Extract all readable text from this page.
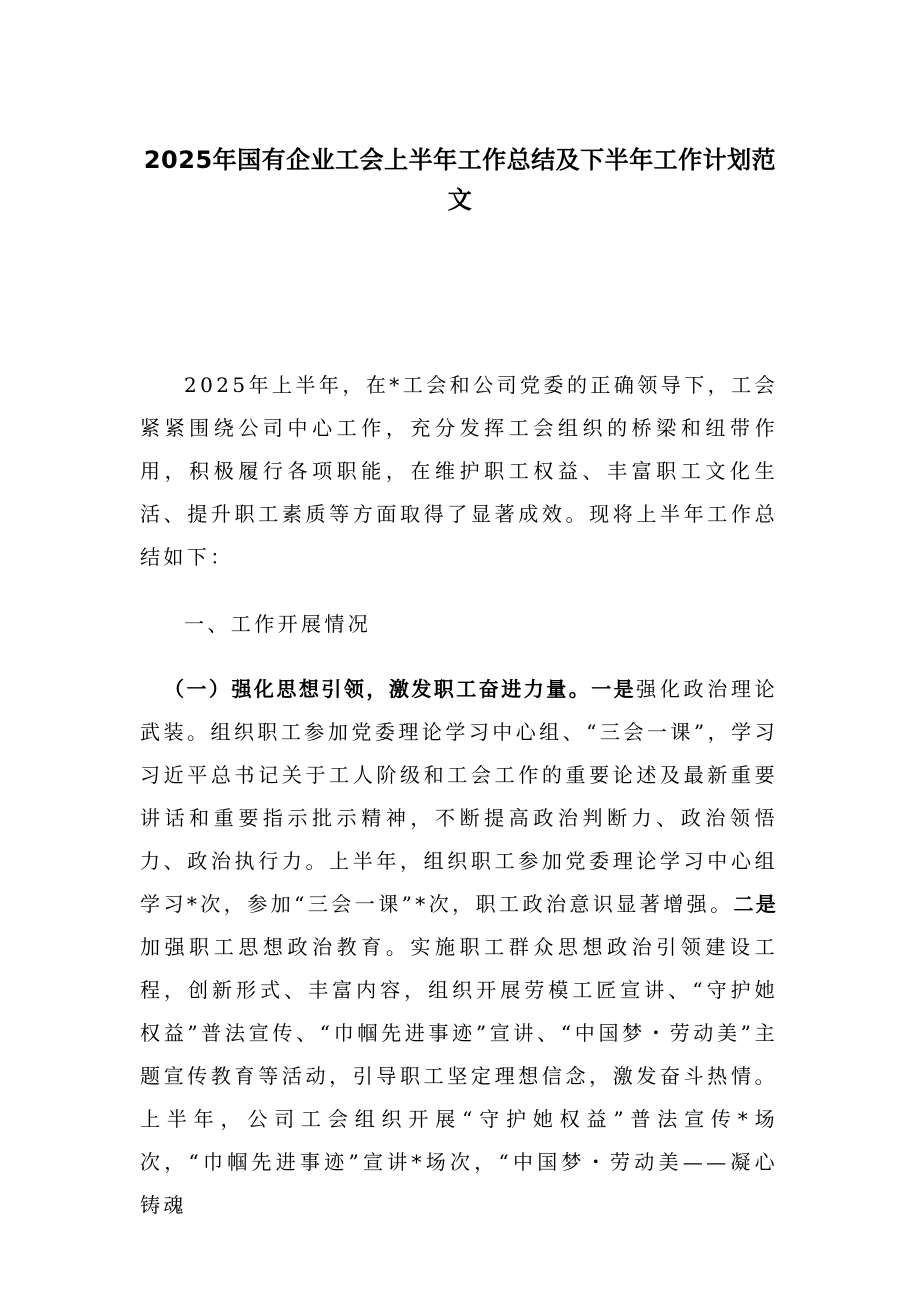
2025年国有企业工会上半年工作总结及下半年工作计划范
文

2025年上半年，在*工会和公司党委的正确领导下，工会紧紧围绕公司中心工作，充分发挥工会组织的桥梁和纽带作用，积极履行各项职能，在维护职工权益、丰富职工文化生活、提升职工素质等方面取得了显著成效。现将上半年工作总结如下：

一、工作开展情况

（一）强化思想引领，激发职工奋进力量。一是强化政治理论武装。组织职工参加党委理论学习中心组、“三会一课”，学习习近平总书记关于工人阶级和工会工作的重要论述及最新重要讲话和重要指示批示精神，不断提高政治判断力、政治领悟力、政治执行力。上半年，组织职工参加党委理论学习中心组学习*次，参加“三会一课”*次，职工政治意识显著增强。二是加强职工思想政治教育。实施职工群众思想政治引领建设工程，创新形式、丰富内容，组织开展劳模工匠宣讲、“守护她权益”普法宣传、“巾帼先进事迹”宣讲、“中国梦・劳动美”主题宣传教育等活动，引导职工坚定理想信念，激发奋斗热情。上半年，公司工会组织开展“守护她权益”普法宣传*场次，“巾帼先进事迹”宣讲*场次，“中国梦・劳动美——凝心铸魂
